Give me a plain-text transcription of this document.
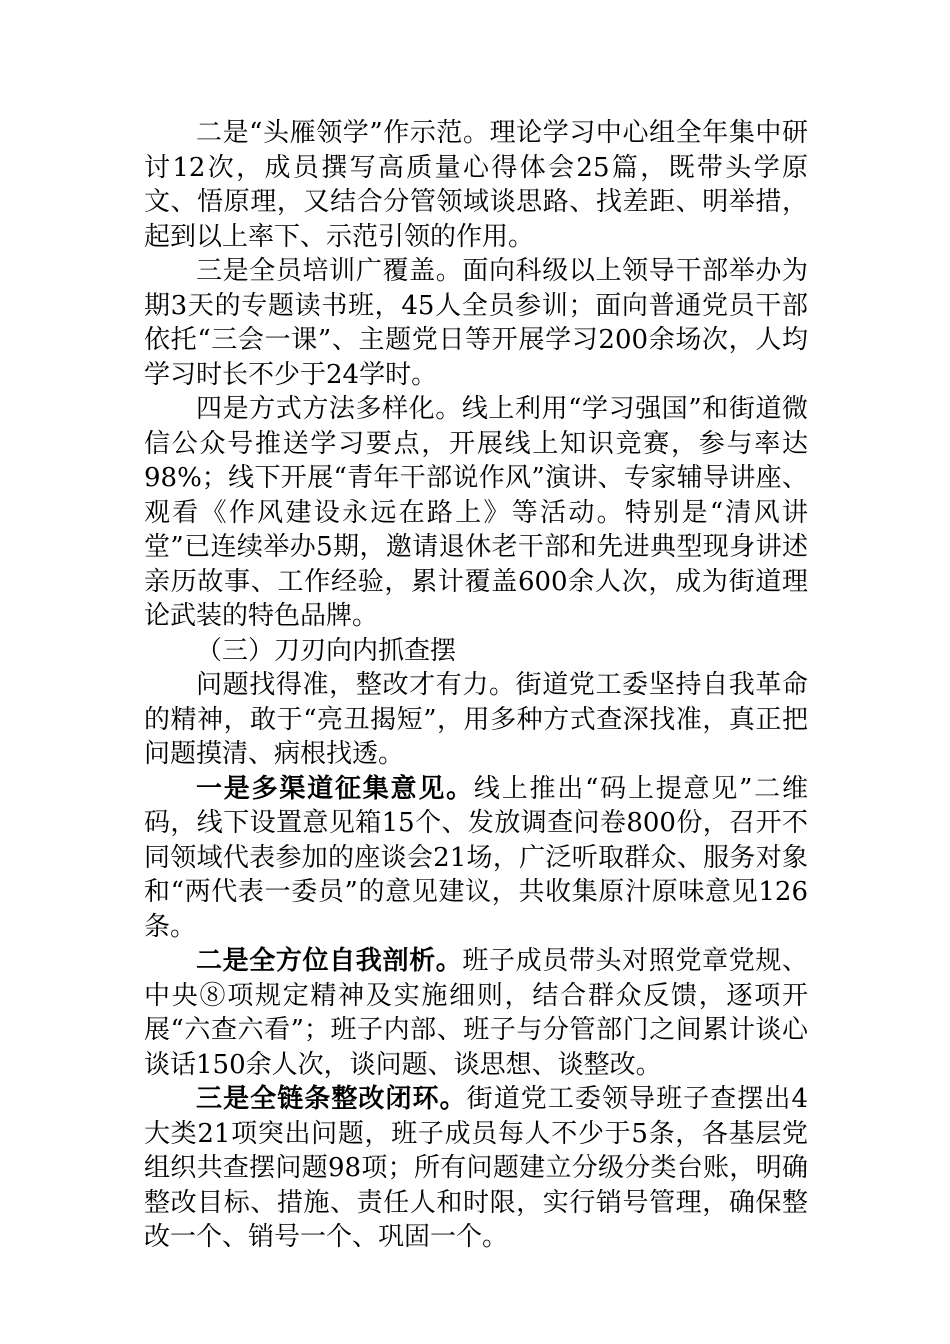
二是“头雁领学”作示范。理论学习中心组全年集中研讨12次，成员撰写高质量心得体会25篇，既带头学原文、悟原理，又结合分管领域谈思路、找差距、明举措，起到以上率下、示范引领的作用。

三是全员培训广覆盖。面向科级以上领导干部举办为期3天的专题读书班，45人全员参训；面向普通党员干部依托“三会一课”、主题党日等开展学习200余场次，人均学习时长不少于24学时。

四是方式方法多样化。线上利用“学习强国”和街道微信公众号推送学习要点，开展线上知识竞赛，参与率达98%；线下开展“青年干部说作风”演讲、专家辅导讲座、观看《作风建设永远在路上》等活动。特别是“清风讲堂”已连续举办5期，邀请退休老干部和先进典型现身讲述亲历故事、工作经验，累计覆盖600余人次，成为街道理论武装的特色品牌。

（三）刀刃向内抓查摆

问题找得准，整改才有力。街道党工委坚持自我革命的精神，敢于“亮丑揭短”，用多种方式查深找准，真正把问题摸清、病根找透。

一是多渠道征集意见。线上推出“码上提意见”二维码，线下设置意见箱15个、发放调查问卷800份，召开不同领域代表参加的座谈会21场，广泛听取群众、服务对象和“两代表一委员”的意见建议，共收集原汁原味意见126条。

二是全方位自我剖析。班子成员带头对照党章党规、中央⑧项规定精神及实施细则，结合群众反馈，逐项开展“六查六看”；班子内部、班子与分管部门之间累计谈心谈话150余人次，谈问题、谈思想、谈整改。

三是全链条整改闭环。街道党工委领导班子查摆出4大类21项突出问题，班子成员每人不少于5条，各基层党组织共查摆问题98项；所有问题建立分级分类台账，明确整改目标、措施、责任人和时限，实行销号管理，确保整改一个、销号一个、巩固一个。
